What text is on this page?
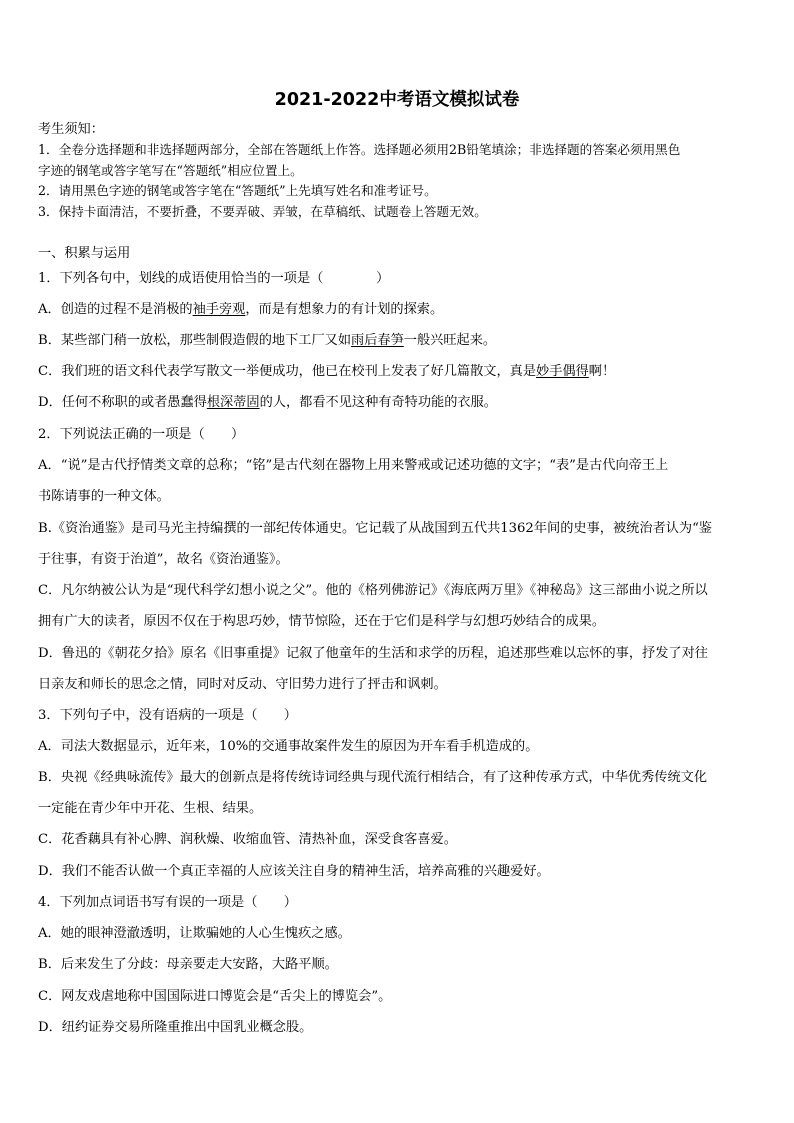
2021-2022中考语文模拟试卷
考生须知：
1．全卷分选择题和非选择题两部分，全部在答题纸上作答。选择题必须用2B铅笔填涂；非选择题的答案必须用黑色
字迹的钢笔或答字笔写在“答题纸”相应位置上。
2．请用黑色字迹的钢笔或答字笔在“答题纸”上先填写姓名和准考证号。
3．保持卡面清洁，不要折叠，不要弄破、弄皱，在草稿纸、试题卷上答题无效。
一、积累与运用
1．下列各句中，划线的成语使用恰当的一项是（　　　　）
A．创造的过程不是消极的袖手旁观，而是有想象力的有计划的探索。
B．某些部门稍一放松，那些制假造假的地下工厂又如雨后春笋一般兴旺起来。
C．我们班的语文科代表学写散文一举便成功，他已在校刊上发表了好几篇散文，真是妙手偶得啊！
D．任何不称职的或者愚蠢得根深蒂固的人，都看不见这种有奇特功能的衣服。
2．下列说法正确的一项是（　　）
A．“说”是古代抒情类文章的总称；“铭”是古代刻在器物上用来警戒或记述功德的文字；“表”是古代向帝王上
书陈请事的一种文体。
B.《资治通鉴》是司马光主持编撰的一部纪传体通史。它记载了从战国到五代共1362年间的史事，被统治者认为“鉴
于往事，有资于治道”，故名《资治通鉴》。
C．凡尔纳被公认为是“现代科学幻想小说之父”。他的《格列佛游记》《海底两万里》《神秘岛》这三部曲小说之所以
拥有广大的读者，原因不仅在于构思巧妙，情节惊险，还在于它们是科学与幻想巧妙结合的成果。
D．鲁迅的《朝花夕拾》原名《旧事重提》记叙了他童年的生活和求学的历程，追述那些难以忘怀的事，抒发了对往
日亲友和师长的思念之情，同时对反动、守旧势力进行了抨击和讽刺。
3．下列句子中，没有语病的一项是（　　）
A．司法大数据显示，近年来，10%的交通事故案件发生的原因为开车看手机造成的。
B．央视《经典咏流传》最大的创新点是将传统诗词经典与现代流行相结合，有了这种传承方式，中华优秀传统文化
一定能在青少年中开花、生根、结果。
C．花香藕具有补心脾、润秋燥、收缩血管、清热补血，深受食客喜爱。
D．我们不能否认做一个真正幸福的人应该关注自身的精神生活，培养高雅的兴趣爱好。
4．下列加点词语书写有误的一项是（　　）
A．她的眼神澄澈透明，让欺骗她的人心生愧疚之感。
B．后来发生了分歧：母亲要走大安路，大路平顺。
C．网友戏虐地称中国国际进口博览会是“舌尖上的博览会”。
D．纽约证券交易所隆重推出中国乳业概念股。
